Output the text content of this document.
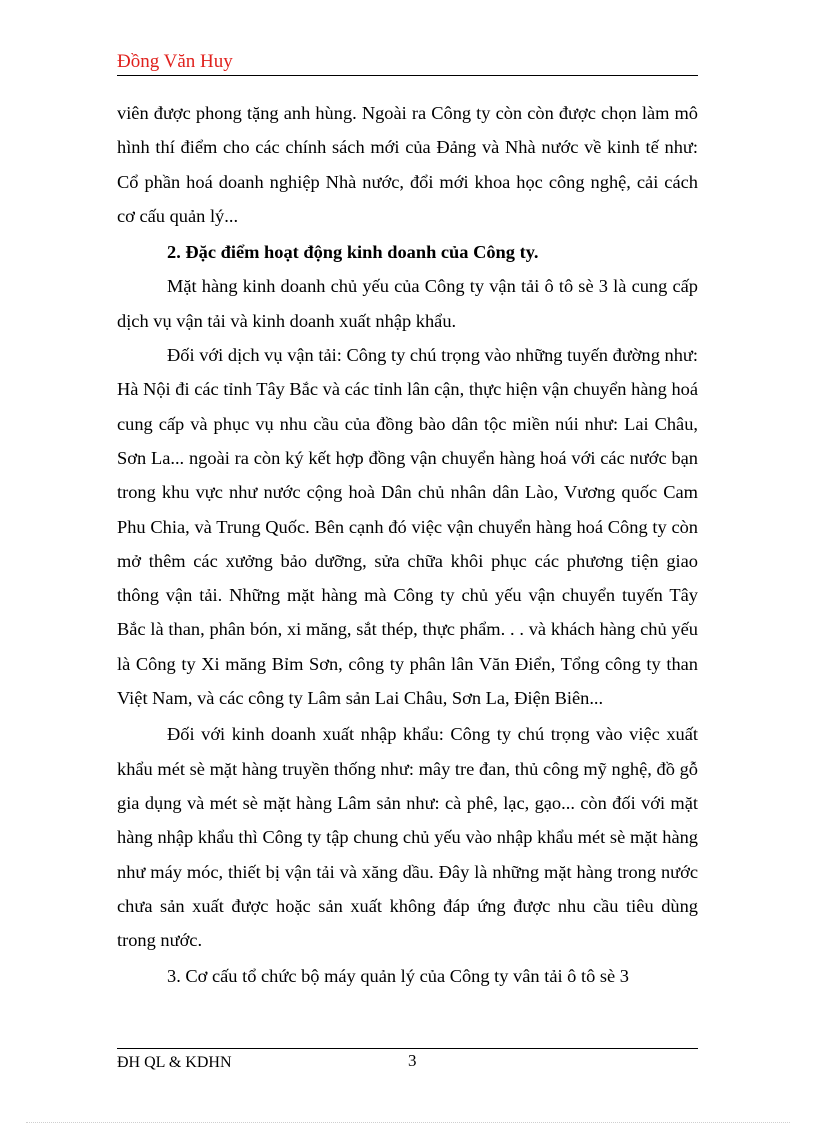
Đồng Văn Huy

viên được phong tặng anh hùng. Ngoài ra Công ty còn còn được chọn làm mô hình thí điểm cho các chính sách mới của Đảng và Nhà nước về kinh tế như: Cổ phần hoá doanh nghiệp Nhà nước, đổi mới khoa học công nghệ, cải cách cơ cấu quản lý...

2. Đặc điểm hoạt động kinh doanh của Công ty.

Mặt hàng kinh doanh chủ yếu của Công ty vận tải ô tô sè 3 là cung cấp dịch vụ vận tải và kinh doanh xuất nhập khẩu.

Đối với dịch vụ vận tải: Công ty chú trọng vào những tuyến đường như: Hà Nội đi các tỉnh Tây Bắc và các tỉnh lân cận, thực hiện vận chuyển hàng hoá cung cấp và phục vụ nhu cầu của đồng bào dân tộc miền núi như: Lai Châu, Sơn La... ngoài ra còn ký kết hợp đồng vận chuyển hàng hoá với các nước bạn trong khu vực như nước cộng hoà Dân chủ nhân dân Lào, Vương quốc Cam Phu Chia, và Trung Quốc. Bên cạnh đó việc vận chuyển hàng hoá Công ty còn mở thêm các xưởng bảo dưỡng, sửa chữa khôi phục các phương tiện giao thông vận tải. Những mặt hàng mà Công ty chủ yếu vận chuyển tuyến Tây Bắc là than, phân bón, xi măng, sắt thép, thực phẩm. . . và khách hàng chủ yếu là Công ty Xi măng Bỉm Sơn, công ty phân lân Văn Điển, Tổng công ty than Việt Nam, và các công ty Lâm sản Lai Châu, Sơn La, Điện Biên...

Đối với kinh doanh xuất nhập khẩu: Công ty chú trọng vào việc xuất khẩu mét sè mặt hàng truyền thống như: mây tre đan, thủ công mỹ nghệ, đồ gỗ gia dụng và mét sè mặt hàng Lâm sản như: cà phê, lạc, gạo... còn đối với mặt hàng nhập khẩu thì Công ty tập chung chủ yếu vào nhập khẩu mét sè mặt hàng như máy móc, thiết bị vận tải và xăng dầu. Đây là những mặt hàng trong nước chưa sản xuất được hoặc sản xuất không đáp ứng được nhu cầu tiêu dùng trong nước.

3. Cơ cấu tổ chức bộ máy quản lý của Công ty vân tải ô tô sè 3

ĐH QL & KDHN	3
